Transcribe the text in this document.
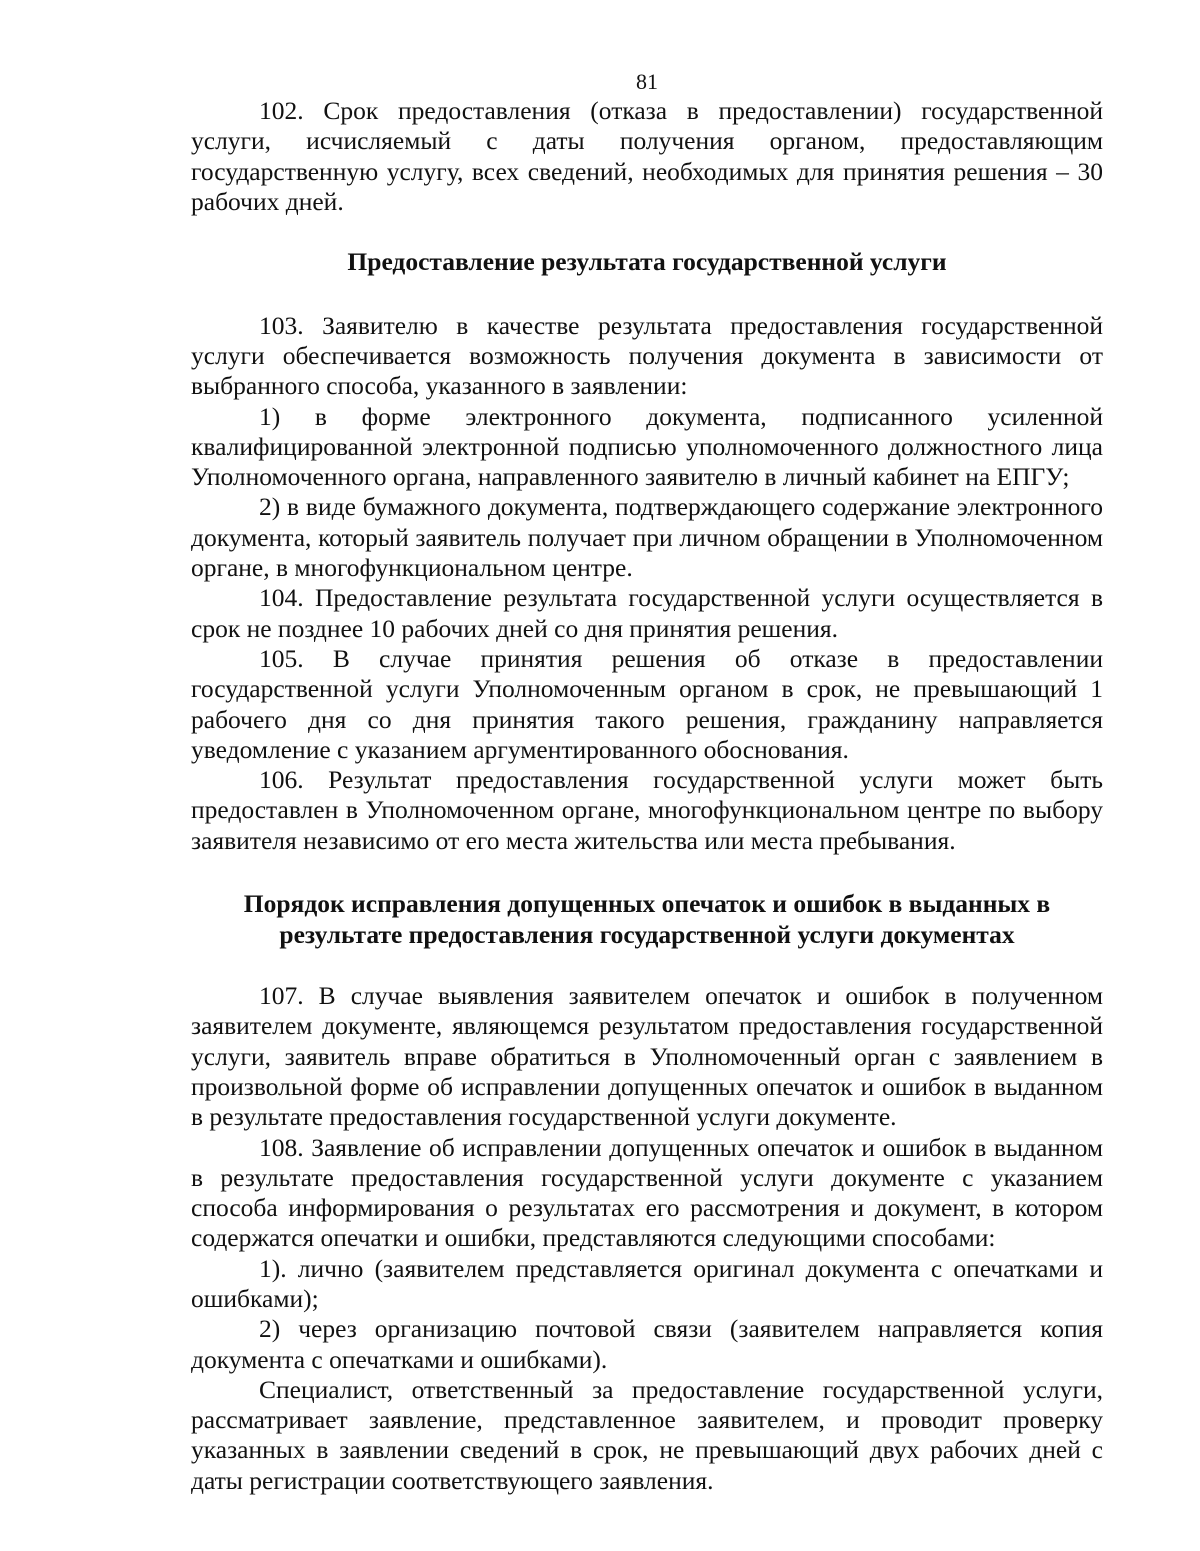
81

102. Срок предоставления (отказа в предоставлении) государственной услуги, исчисляемый с даты получения органом, предоставляющим государственную услугу, всех сведений, необходимых для принятия решения – 30 рабочих дней.

Предоставление результата государственной услуги

103. Заявителю в качестве результата предоставления государственной услуги обеспечивается возможность получения документа в зависимости от выбранного способа, указанного в заявлении:

1) в форме электронного документа, подписанного усиленной квалифицированной электронной подписью уполномоченного должностного лица Уполномоченного органа, направленного заявителю в личный кабинет на ЕПГУ;

2) в виде бумажного документа, подтверждающего содержание электронного документа, который заявитель получает при личном обращении в Уполномоченном органе, в многофункциональном центре.

104. Предоставление результата государственной услуги осуществляется в срок не позднее 10 рабочих дней со дня принятия решения.

105. В случае принятия решения об отказе в предоставлении государственной услуги Уполномоченным органом в срок, не превышающий 1 рабочего дня со дня принятия такого решения, гражданину направляется уведомление с указанием аргументированного обоснования.

106. Результат предоставления государственной услуги может быть предоставлен в Уполномоченном органе, многофункциональном центре по выбору заявителя независимо от его места жительства или места пребывания.

Порядок исправления допущенных опечаток и ошибок в выданных в
результате предоставления государственной услуги документах

107. В случае выявления заявителем опечаток и ошибок в полученном заявителем документе, являющемся результатом предоставления государственной услуги, заявитель вправе обратиться в Уполномоченный орган с заявлением в произвольной форме об исправлении допущенных опечаток и ошибок в выданном в результате предоставления государственной услуги документе.

108. Заявление об исправлении допущенных опечаток и ошибок в выданном в результате предоставления государственной услуги документе с указанием способа информирования о результатах его рассмотрения и документ, в котором содержатся опечатки и ошибки, представляются следующими способами:

1). лично (заявителем представляется оригинал документа с опечатками и ошибками);

2) через организацию почтовой связи (заявителем направляется копия документа с опечатками и ошибками).

Специалист, ответственный за предоставление государственной услуги, рассматривает заявление, представленное заявителем, и проводит проверку указанных в заявлении сведений в срок, не превышающий двух рабочих дней с даты регистрации соответствующего заявления.
